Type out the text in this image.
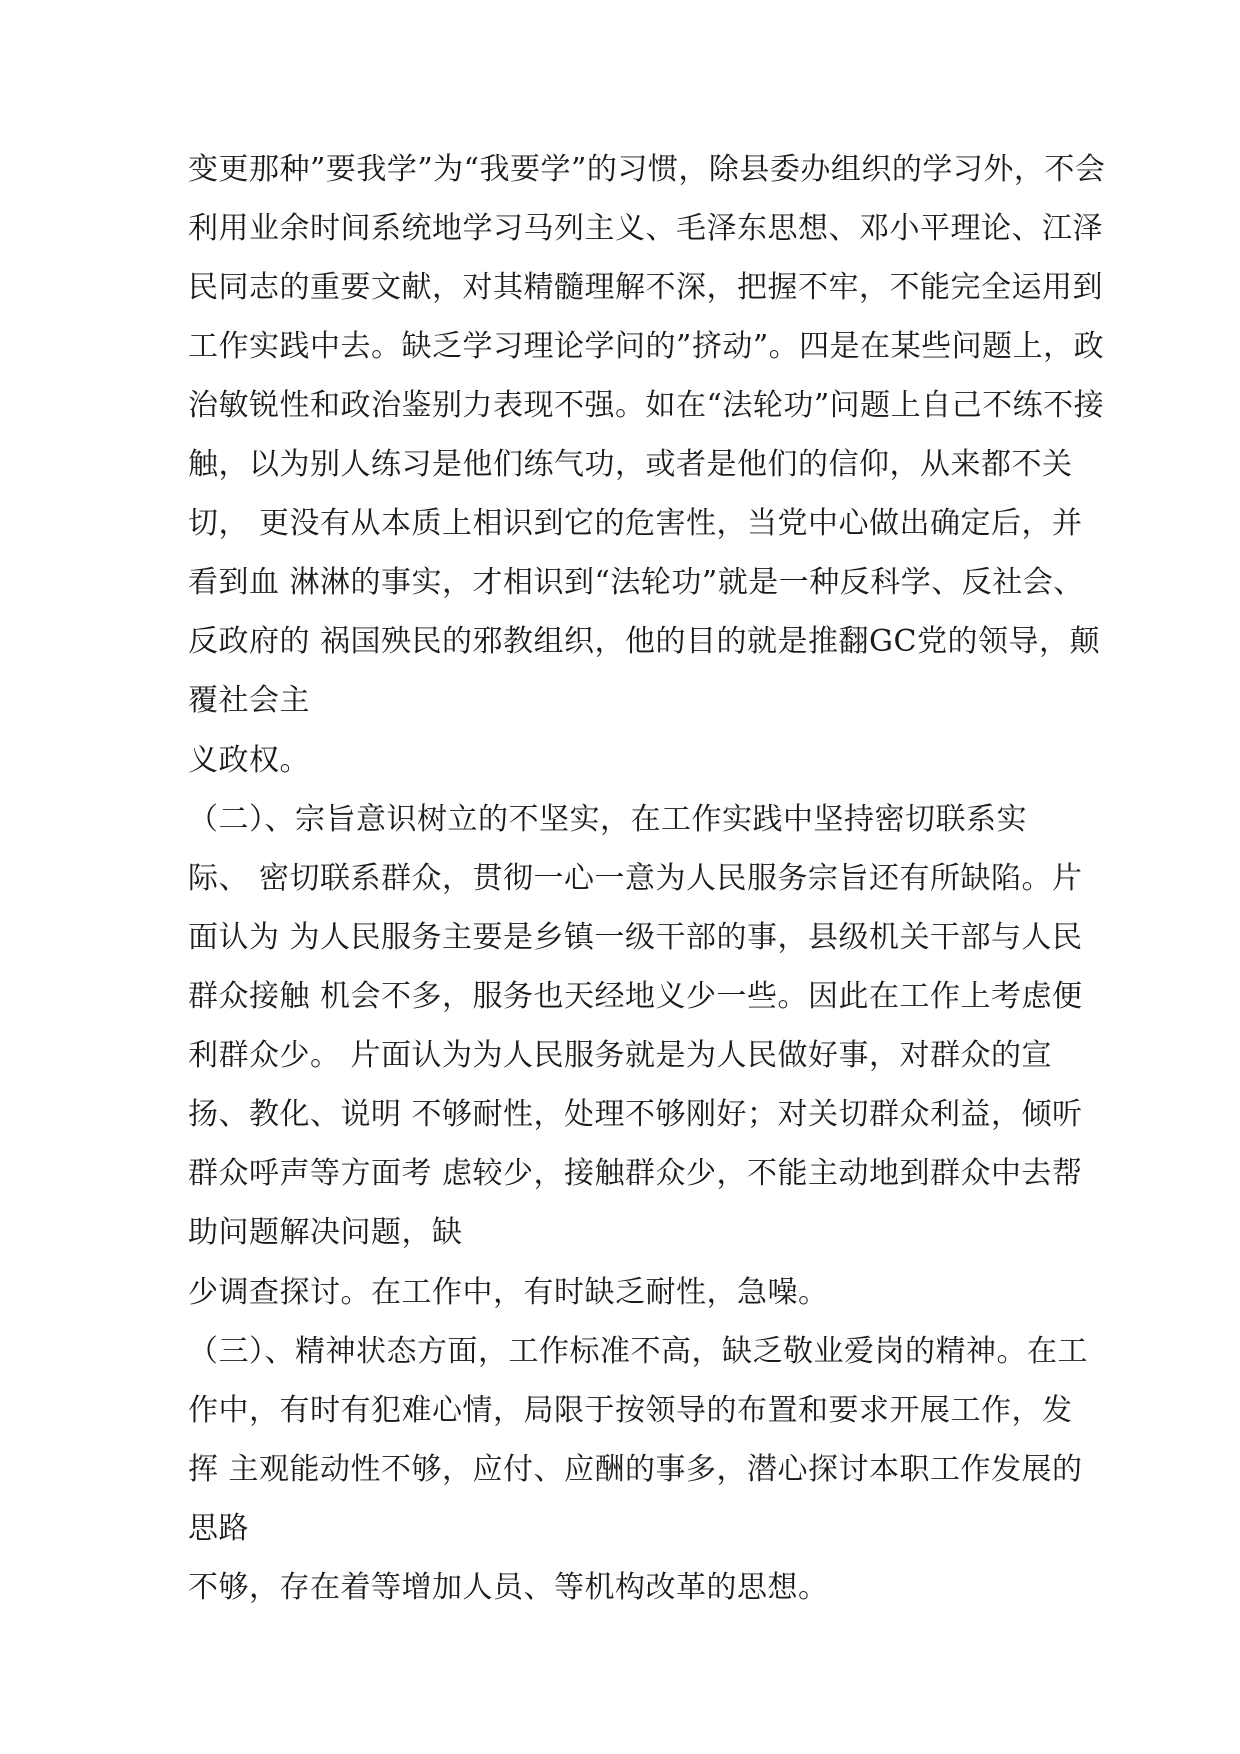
变更那种”要我学”为“我要学”的习惯，除县委办组织的学习外，不会

利用业余时间系统地学习马列主义、毛泽东思想、邓小平理论、江泽

民同志的重要文献，对其精髓理解不深，把握不牢，不能完全运用到

工作实践中去。缺乏学习理论学问的”挤动”。四是在某些问题上，政

治敏锐性和政治鉴别力表现不强。如在“法轮功”问题上自己不练不接

触，以为别人练习是他们练气功，或者是他们的信仰，从来都不关

切， 更没有从本质上相识到它的危害性，当党中心做出确定后，并

看到血 淋淋的事实，才相识到“法轮功”就是一种反科学、反社会、

反政府的 祸国殃民的邪教组织，他的目的就是推翻GC党的领导，颠

覆社会主

义政权。

（二）、宗旨意识树立的不坚实，在工作实践中坚持密切联系实

际、 密切联系群众，贯彻一心一意为人民服务宗旨还有所缺陷。片

面认为 为人民服务主要是乡镇一级干部的事，县级机关干部与人民

群众接触 机会不多，服务也天经地义少一些。因此在工作上考虑便

利群众少。 片面认为为人民服务就是为人民做好事，对群众的宣

扬、教化、说明 不够耐性，处理不够刚好；对关切群众利益，倾听

群众呼声等方面考 虑较少，接触群众少，不能主动地到群众中去帮

助问题解决问题，缺

少调查探讨。在工作中，有时缺乏耐性，急噪。

（三）、精神状态方面，工作标准不高，缺乏敬业爱岗的精神。在工

作中，有时有犯难心情，局限于按领导的布置和要求开展工作，发

挥 主观能动性不够，应付、应酬的事多，潜心探讨本职工作发展的

思路

不够，存在着等增加人员、等机构改革的思想。
